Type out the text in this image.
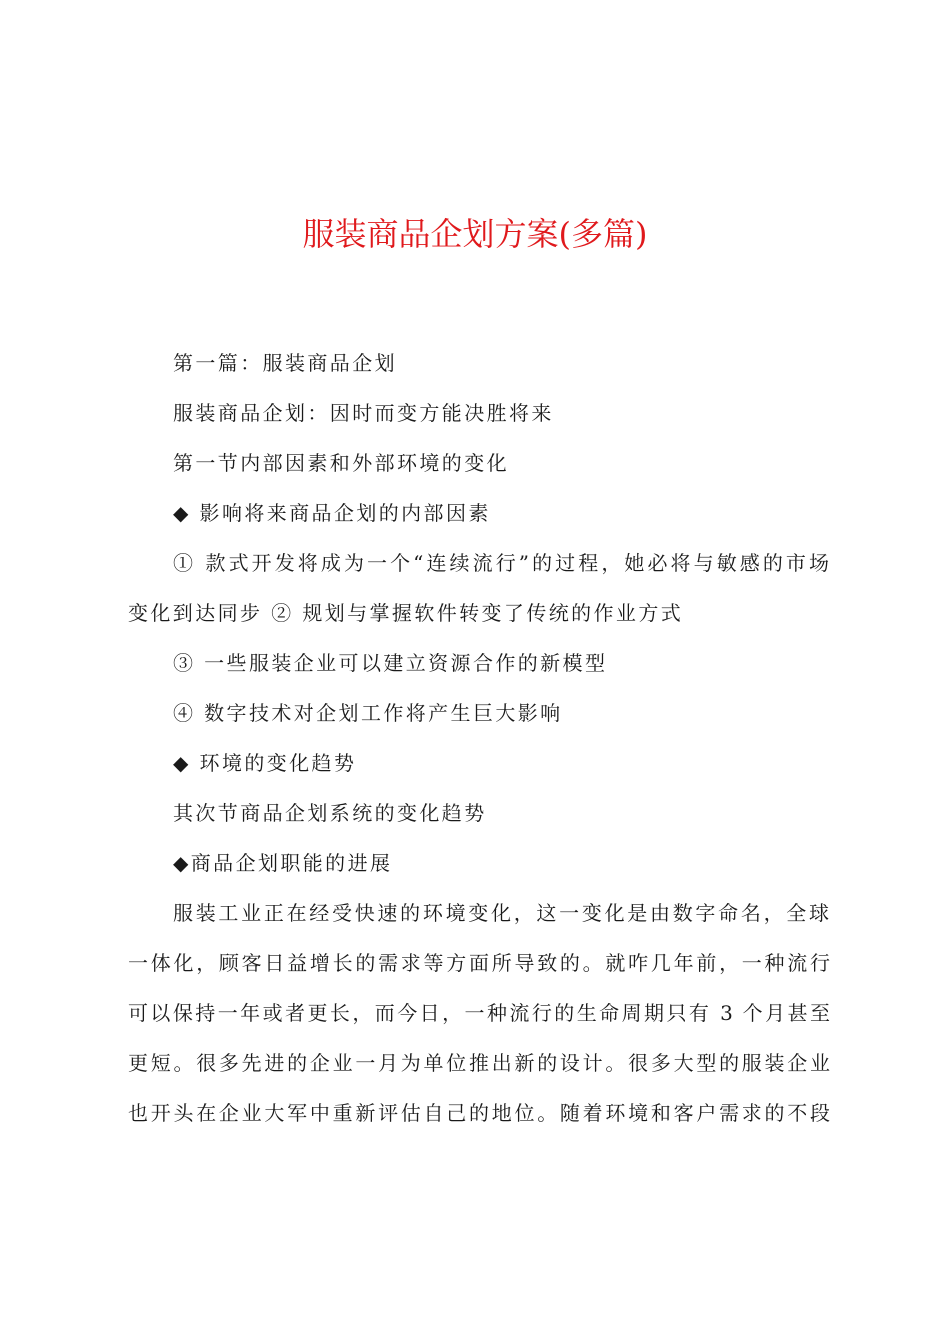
服装商品企划方案(多篇)

第一篇：服装商品企划

服装商品企划：因时而变方能决胜将来

第一节内部因素和外部环境的变化

◆ 影响将来商品企划的内部因素

① 款式开发将成为一个“连续流行”的过程，她必将与敏感的市场

变化到达同步 ② 规划与掌握软件转变了传统的作业方式

③ 一些服装企业可以建立资源合作的新模型

④ 数字技术对企划工作将产生巨大影响

◆ 环境的变化趋势

其次节商品企划系统的变化趋势

◆商品企划职能的进展

服装工业正在经受快速的环境变化，这一变化是由数字命名，全球

一体化，顾客日益增长的需求等方面所导致的。就咋几年前，一种流行

可以保持一年或者更长，而今日，一种流行的生命周期只有 3 个月甚至

更短。很多先进的企业一月为单位推出新的设计。很多大型的服装企业

也开头在企业大军中重新评估自己的地位。随着环境和客户需求的不段
